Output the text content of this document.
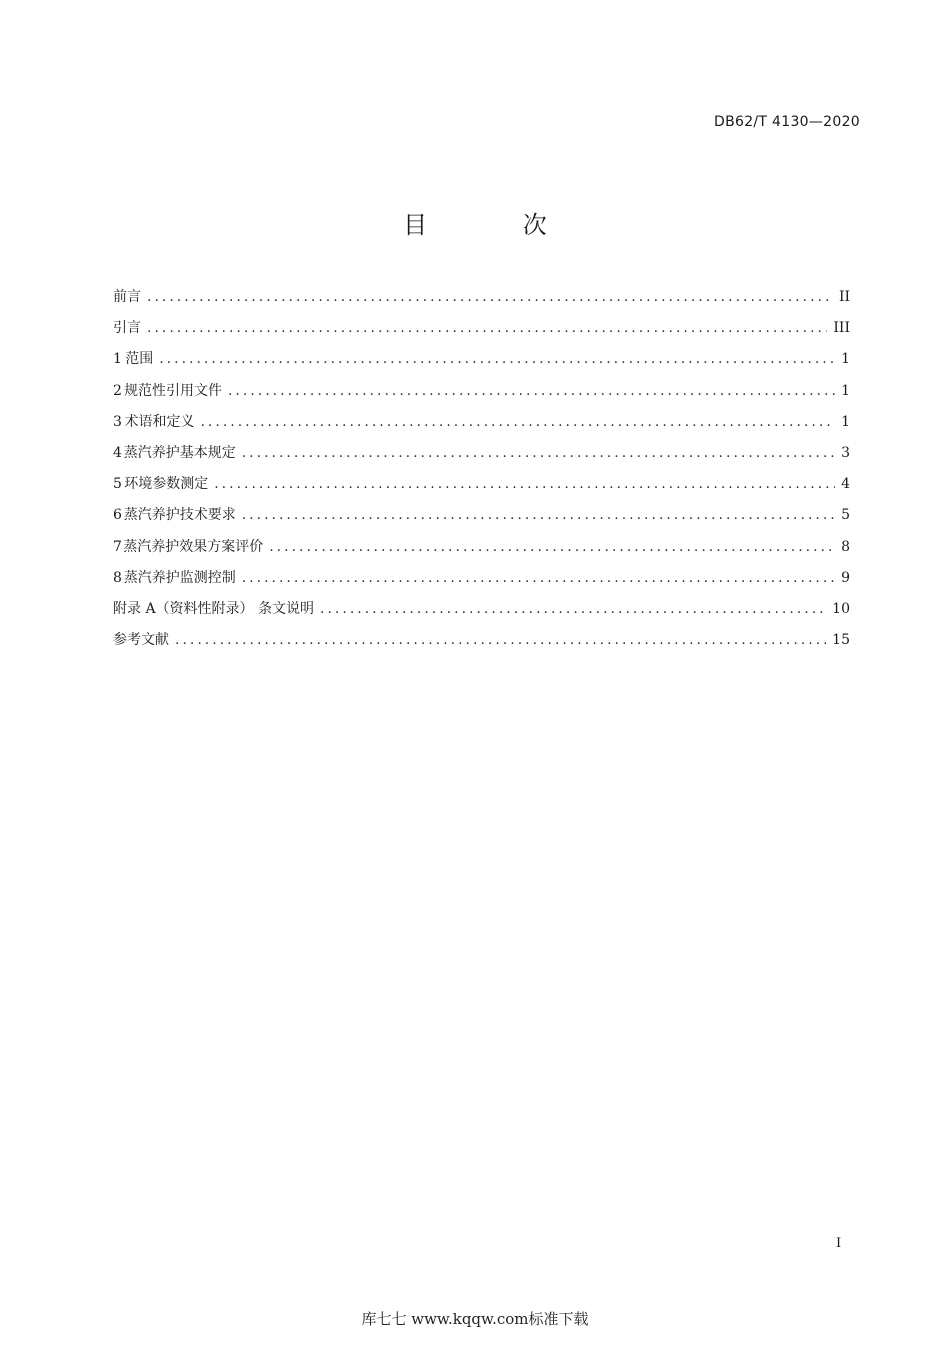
DB62/T 4130—2020
目 次
前言 .....	II
引言 .....	III
1 范围 .....	1
2 规范性引用文件 .....	1
3 术语和定义 .....	1
4 蒸汽养护基本规定 .....	3
5 环境参数测定 .....	4
6 蒸汽养护技术要求 .....	5
7 蒸汽养护效果方案评价 .....	8
8 蒸汽养护监测控制 .....	9
附录 A（资料性附录） 条文说明 .....	10
参考文献 .....	15
I
库七七 www.kqqw.com标准下载
